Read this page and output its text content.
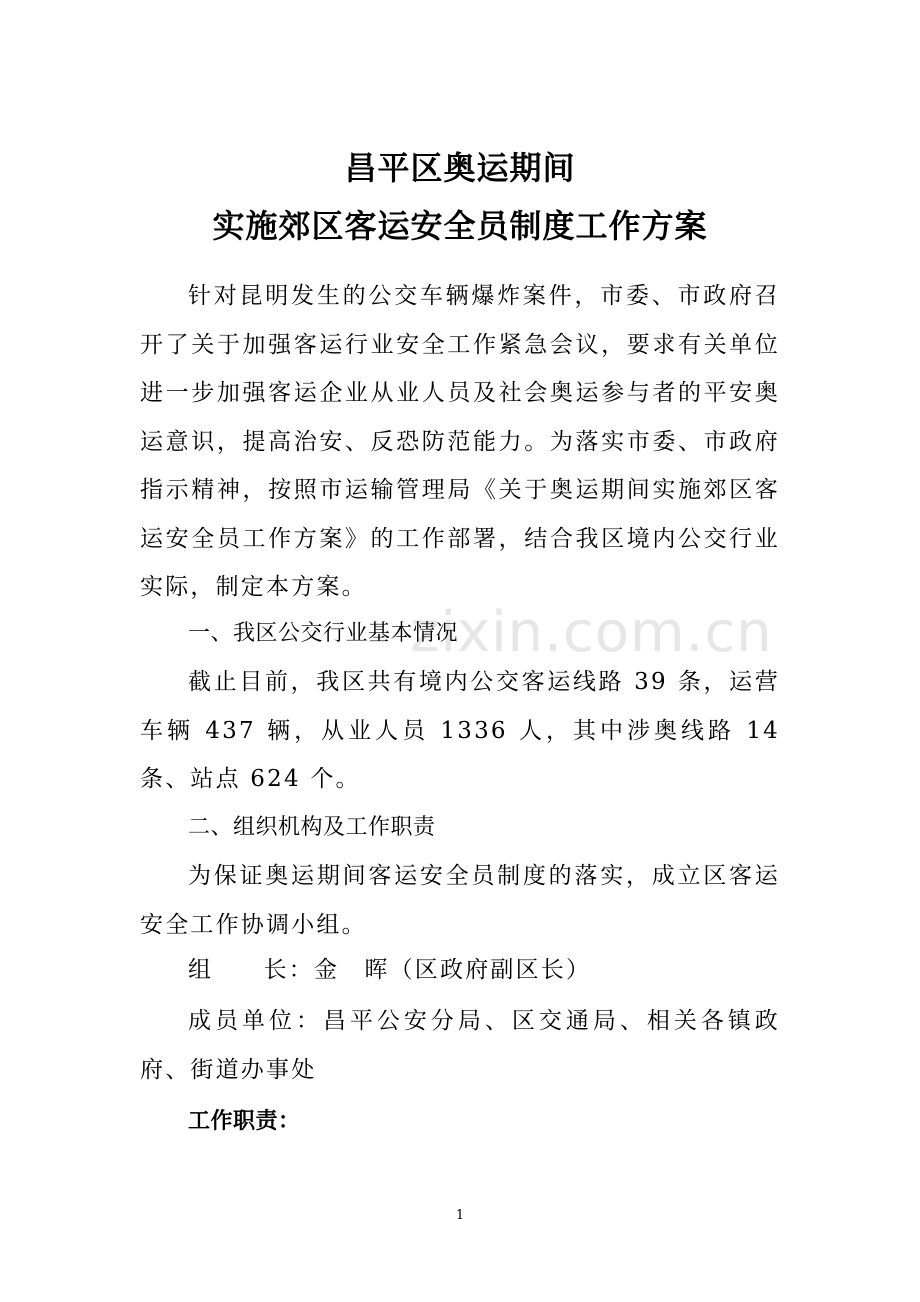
昌平区奥运期间
实施郊区客运安全员制度工作方案
针对昆明发生的公交车辆爆炸案件，市委、市政府召开了关于加强客运行业安全工作紧急会议，要求有关单位进一步加强客运企业从业人员及社会奥运参与者的平安奥运意识，提高治安、反恐防范能力。为落实市委、市政府指示精神，按照市运输管理局《关于奥运期间实施郊区客运安全员工作方案》的工作部署，结合我区境内公交行业实际，制定本方案。
zixin.com.cn
一、我区公交行业基本情况
截止目前，我区共有境内公交客运线路 39 条，运营车辆 437 辆，从业人员 1336 人，其中涉奥线路 14 条、站点 624 个。
二、组织机构及工作职责
为保证奥运期间客运安全员制度的落实，成立区客运安全工作协调小组。
组　　长：金　晖（区政府副区长）
成员单位：昌平公安分局、区交通局、相关各镇政府、街道办事处
工作职责：
1
